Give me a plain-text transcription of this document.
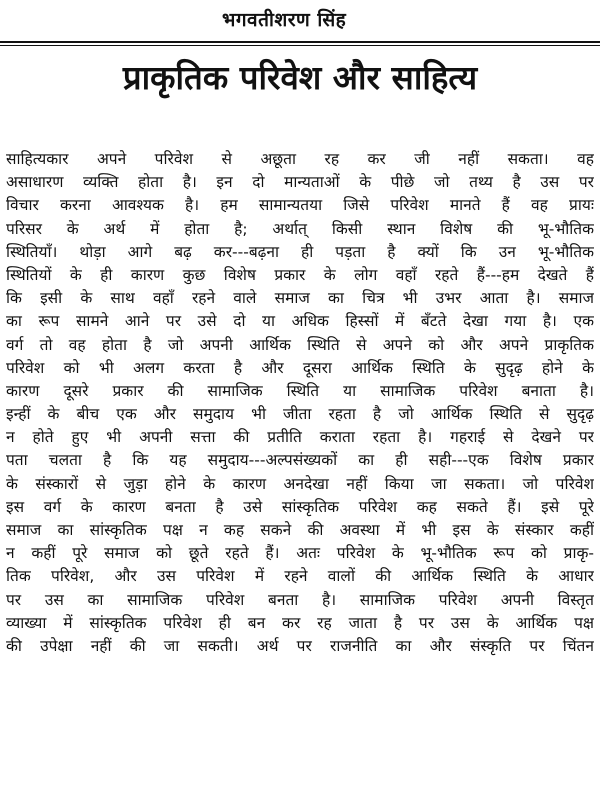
भगवतीशरण सिंह
प्राकृतिक परिवेश और साहित्य
साहित्यकार अपने परिवेश से अछूता रह कर जी नहीं सकता। वह
असाधारण व्यक्ति होता है। इन दो मान्यताओं के पीछे जो तथ्य है उस पर
विचार करना आवश्यक है। हम सामान्यतया जिसे परिवेश मानते हैं वह प्रायः
परिसर के अर्थ में होता है; अर्थात् किसी स्थान विशेष की भू-भौतिक
स्थितियाँ। थोड़ा आगे बढ़ कर---बढ़ना ही पड़ता है क्यों कि उन भू-भौतिक
स्थितियों के ही कारण कुछ विशेष प्रकार के लोग वहाँ रहते हैं---हम देखते हैं
कि इसी के साथ वहाँ रहने वाले समाज का चित्र भी उभर आता है। समाज
का रूप सामने आने पर उसे दो या अधिक हिस्सों में बँटते देखा गया है। एक
वर्ग तो वह होता है जो अपनी आर्थिक स्थिति से अपने को और अपने प्राकृतिक
परिवेश को भी अलग करता है और दूसरा आर्थिक स्थिति के सुदृढ़ होने के
कारण दूसरे प्रकार की सामाजिक स्थिति या सामाजिक परिवेश बनाता है।
इन्हीं के बीच एक और समुदाय भी जीता रहता है जो आर्थिक स्थिति से सुदृढ़
न होते हुए भी अपनी सत्ता की प्रतीति कराता रहता है। गहराई से देखने पर
पता चलता है कि यह समुदाय---अल्पसंख्यकों का ही सही---एक विशेष प्रकार
के संस्कारों से जुड़ा होने के कारण अनदेखा नहीं किया जा सकता। जो परिवेश
इस वर्ग के कारण बनता है उसे सांस्कृतिक परिवेश कह सकते हैं। इसे पूरे
समाज का सांस्कृतिक पक्ष न कह सकने की अवस्था में भी इस के संस्कार कहीं
न कहीं पूरे समाज को छूते रहते हैं। अतः परिवेश के भू-भौतिक रूप को प्राकृ-
तिक परिवेश, और उस परिवेश में रहने वालों की आर्थिक स्थिति के आधार
पर उस का सामाजिक परिवेश बनता है। सामाजिक परिवेश अपनी विस्तृत
व्याख्या में सांस्कृतिक परिवेश ही बन कर रह जाता है पर उस के आर्थिक पक्ष
की उपेक्षा नहीं की जा सकती। अर्थ पर राजनीति का और संस्कृति पर चिंतन
